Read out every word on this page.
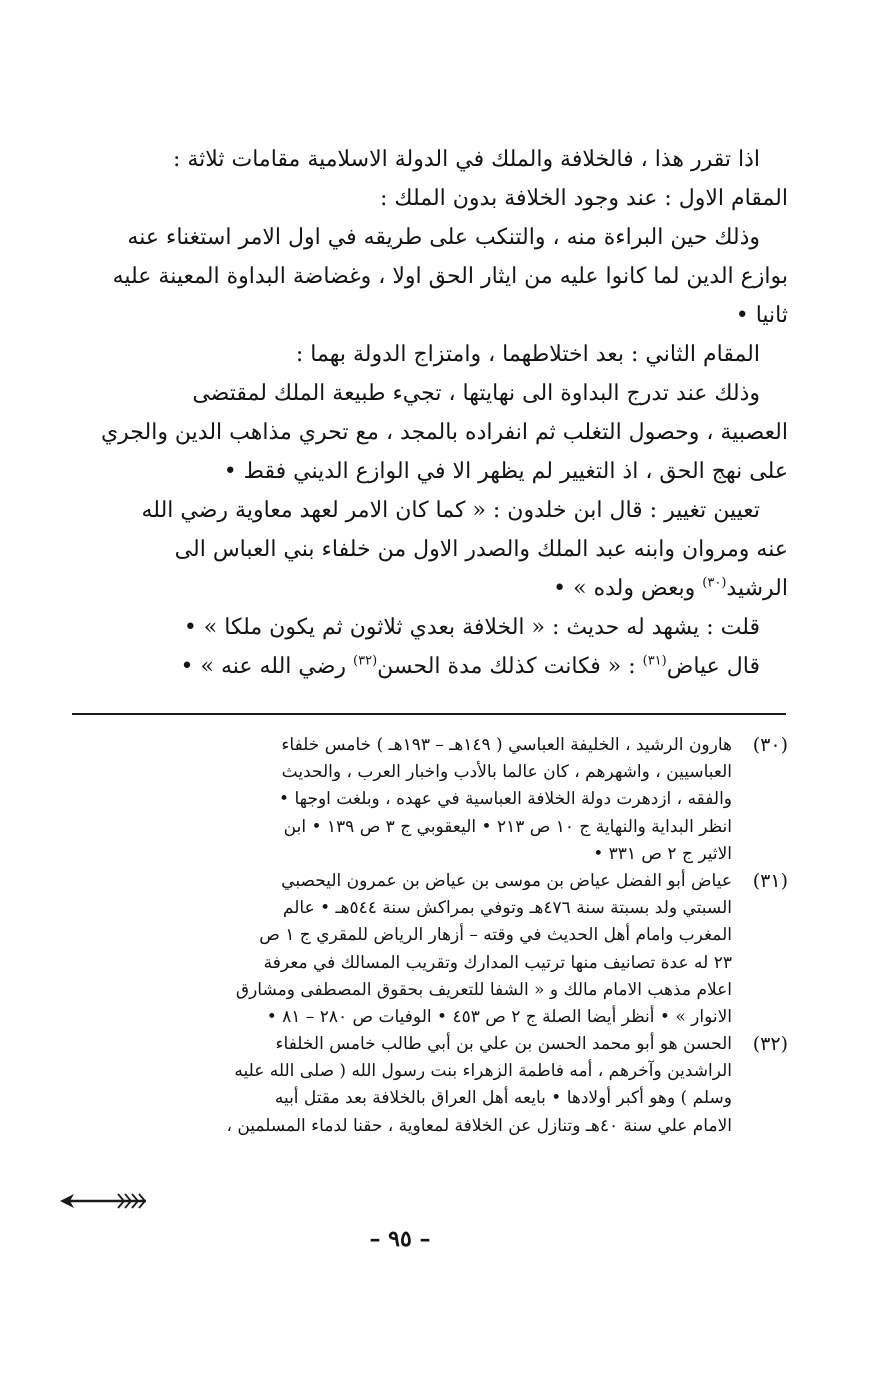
اذا تقرر هذا ، فالخلافة والملك في الدولة الاسلامية مقامات ثلاثة :
المقام الاول : عند وجود الخلافة بدون الملك :
وذلك حين البراءة منه ، والتنكب على طريقه في اول الامر استغناء عنه
بوازع الدين لما كانوا عليه من ايثار الحق اولا ، وغضاضة البداوة المعينة عليه
ثانيا •
المقام الثاني : بعد اختلاطهما ، وامتزاج الدولة بهما :
وذلك عند تدرج البداوة الى نهايتها ، تجيء طبيعة الملك لمقتضى
العصبية ، وحصول التغلب ثم انفراده بالمجد ، مع تحري مذاهب الدين والجري
على نهج الحق ، اذ التغيير لم يظهر الا في الوازع الديني فقط •
تعيين تغيير : قال ابن خلدون : « كما كان الامر لعهد معاوية رضي الله
عنه ومروان وابنه عبد الملك والصدر الاول من خلفاء بني العباس الى
الرشيد$^{(٣٠)}$ وبعض ولده » •
قلت : يشهد له حديث : « الخلافة بعدي ثلاثون ثم يكون ملكا » •
قال عياض$^{(٣١)}$ : « فكانت كذلك مدة الحسن$^{(٣٢)}$ رضي الله عنه » •
(٣٠)
هارون الرشيد ، الخليفة العباسي ( ١٤٩هـ – ١٩٣هـ ) خامس خلفاء
العباسيين ، واشهرهم ، كان عالما بالأدب واخبار العرب ، والحديث
والفقه ، ازدهرت دولة الخلافة العباسية في عهده ، وبلغت اوجها •
انظر البداية والنهاية ج ١٠ ص ٢١٣ • اليعقوبي ج ٣ ص ١٣٩ • ابن
الاثير ج ٢ ص ٣٣١ •
(٣١)
عياض أبو الفضل عياض بن موسى بن عياض بن عمرون اليحصبي
السبتي ولد بسبتة سنة ٤٧٦هـ وتوفي بمراكش سنة ٥٤٤هـ • عالم
المغرب وامام أهل الحديث في وقته – أزهار الرياض للمقري ج ١ ص
٢٣ له عدة تصانيف منها ترتيب المدارك وتقريب المسالك في معرفة
اعلام مذهب الامام مالك و « الشفا للتعريف بحقوق المصطفى ومشارق
الانوار » • أنظر أيضا الصلة ج ٢ ص ٤٥٣ • الوفيات ص ٢٨٠ – ٨١ •
(٣٢)
الحسن هو أبو محمد الحسن بن علي بن أبي طالب خامس الخلفاء
الراشدين وآخرهم ، أمه فاطمة الزهراء بنت رسول الله ( صلى الله عليه
وسلم ) وهو أكبر أولادها • بايعه أهل العراق بالخلافة بعد مقتل أبيه
الامام علي سنة ٤٠هـ وتنازل عن الخلافة لمعاوية ، حقنا لدماء المسلمين ،
– ٩٥ –
